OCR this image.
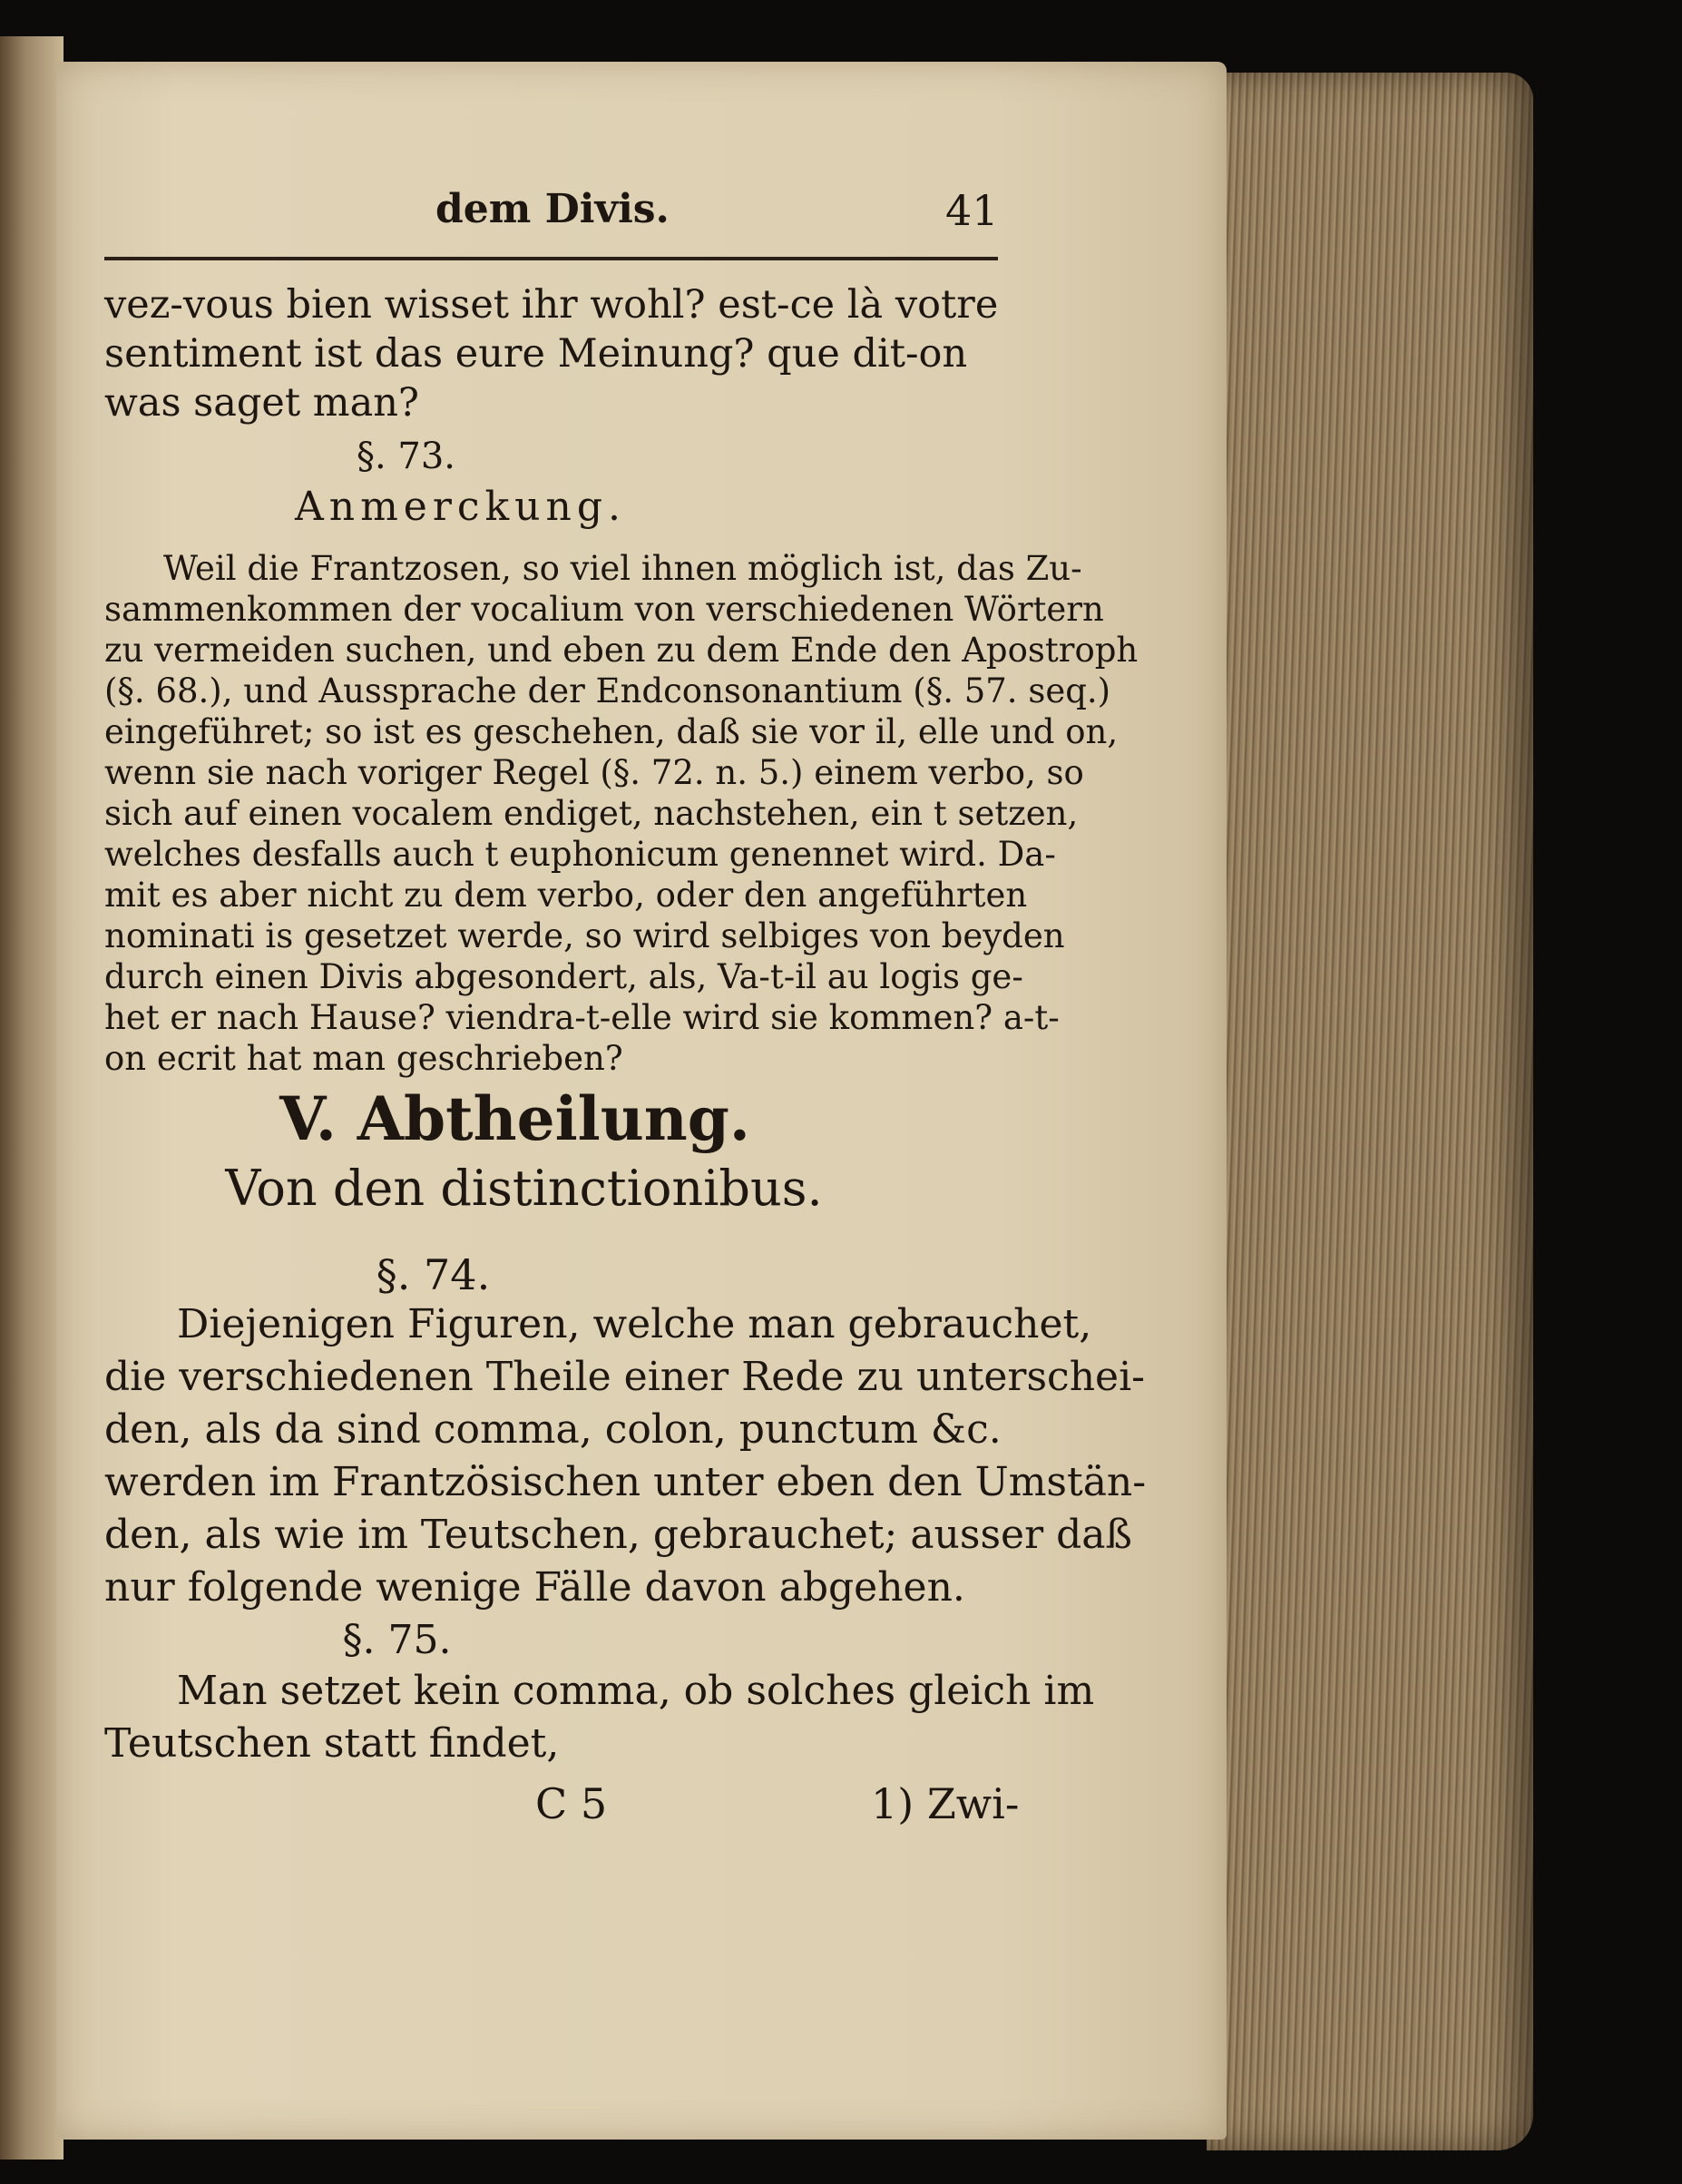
dem Divis.	41
vez-vous bien wisset ihr wohl? est-ce là votre
sentiment ist das eure Meinung? que dit-on
was saget man?
§. 73.
Anmerckung.
Weil die Frantzosen, so viel ihnen möglich ist, das Zu-
sammenkommen der vocalium von verschiedenen Wörtern
zu vermeiden suchen, und eben zu dem Ende den Apostroph
(§. 68.), und Aussprache der Endconsonantium (§. 57. seq.)
eingeführet; so ist es geschehen, daß sie vor il, elle und on,
wenn sie nach voriger Regel (§. 72. n. 5.) einem verbo, so
sich auf einen vocalem endiget, nachstehen, ein t setzen,
welches desfalls auch t euphonicum genennet wird. Da-
mit es aber nicht zu dem verbo, oder den angeführten
nominati is gesetzet werde, so wird selbiges von beyden
durch einen Divis abgesondert, als, Va-t-il au logis ge-
het er nach Hause? viendra-t-elle wird sie kommen? a-t-
on ecrit hat man geschrieben?
V. Abtheilung.
Von den distinctionibus.
§. 74.
Diejenigen Figuren, welche man gebrauchet,
die verschiedenen Theile einer Rede zu unterschei-
den, als da sind comma, colon, punctum &c.
werden im Frantzösischen unter eben den Umstän-
den, als wie im Teutschen, gebrauchet; ausser daß
nur folgende wenige Fälle davon abgehen.
§. 75.
Man setzet kein comma, ob solches gleich im
Teutschen statt findet,
C 5	1) Zwi-
